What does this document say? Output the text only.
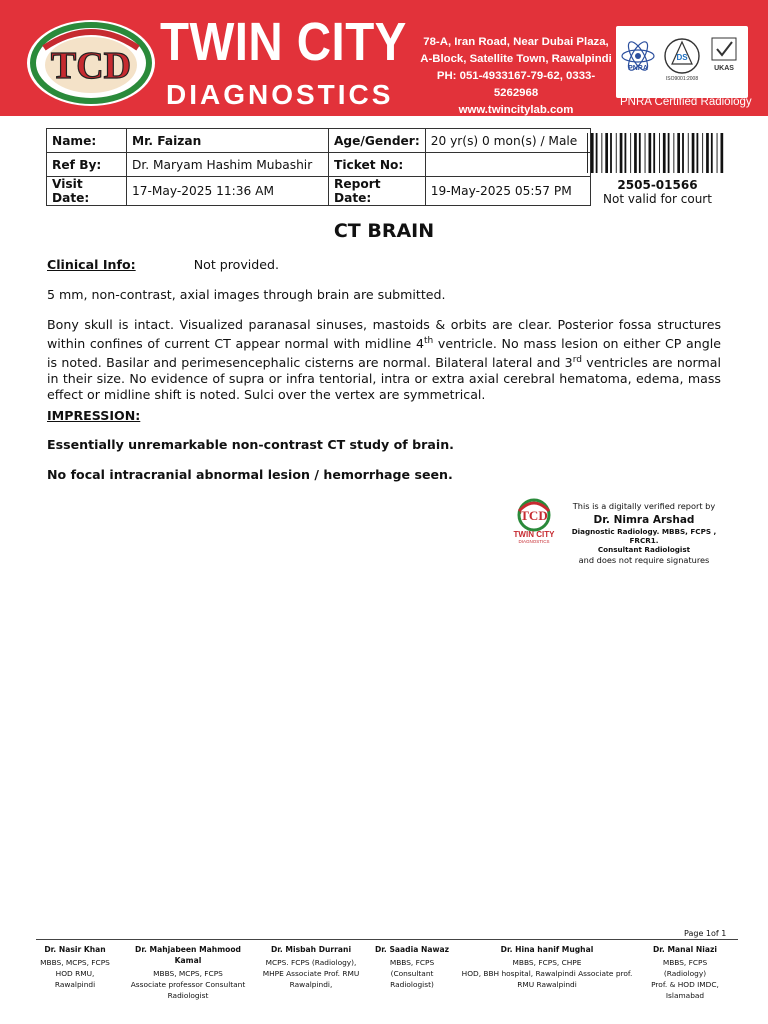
TCD TWIN CITY
DIAGNOSTICS
78-A, Iran Road, Near Dubai Plaza,
A-Block, Satellite Town, Rawalpindi
PH: 051-4933167-79-62, 0333-5262968
www.twincitylab.com
PNRA
DS
ISO9001:2008
UKAS
PNRA Certified Radiology
Name:	Mr. Faizan	Age/Gender:	20 yr(s) 0 mon(s) / Male
Ref By:	Dr. Maryam Hashim Mubashir	Ticket No:	
Visit Date:	17-May-2025 11:36 AM	Report Date:	19-May-2025 05:57 PM	2505-01566
Not valid for court
CT BRAIN
Clinical Info:	Not provided.
5 mm, non-contrast, axial images through brain are submitted.
Bony skull is intact. Visualized paranasal sinuses, mastoids & orbits are clear. Posterior fossa structures within confines of current CT appear normal with midline 4th ventricle. No mass lesion on either CP angle is noted. Basilar and perimesencephalic cisterns are normal. Bilateral lateral and 3rd ventricles are normal in their size. No evidence of supra or infra tentorial, intra or extra axial cerebral hematoma, edema, mass effect or midline shift is noted. Sulci over the vertex are symmetrical.
IMPRESSION:
Essentially unremarkable non-contrast CT study of brain.
No focal intracranial abnormal lesion / hemorrhage seen.
TCD
TWIN CITY
DIAGNOSTICS
This is a digitally verified report by
Dr. Nimra Arshad
Diagnostic Radiology. MBBS, FCPS , FRCR1.
Consultant Radiologist
and does not require signatures
Page 1of 1
Dr. Nasir Khan
MBBS, MCPS, FCPS
HOD RMU,
Rawalpindi
Dr. Mahjabeen Mahmood Kamal
MBBS, MCPS, FCPS
Associate professor Consultant
Radiologist
Dr. Misbah Durrani
MCPS. FCPS (Radiology),
MHPE Associate Prof. RMU
Rawalpindi,
Dr. Saadia Nawaz
MBBS, FCPS
(Consultant
Radiologist)
Dr. Hina hanif Mughal
MBBS, FCPS, CHPE
HOD, BBH hospital, Rawalpindi Associate prof.
RMU Rawalpindi
Dr. Manal Niazi
MBBS, FCPS
(Radiology)
Prof. & HOD IMDC,
Islamabad
